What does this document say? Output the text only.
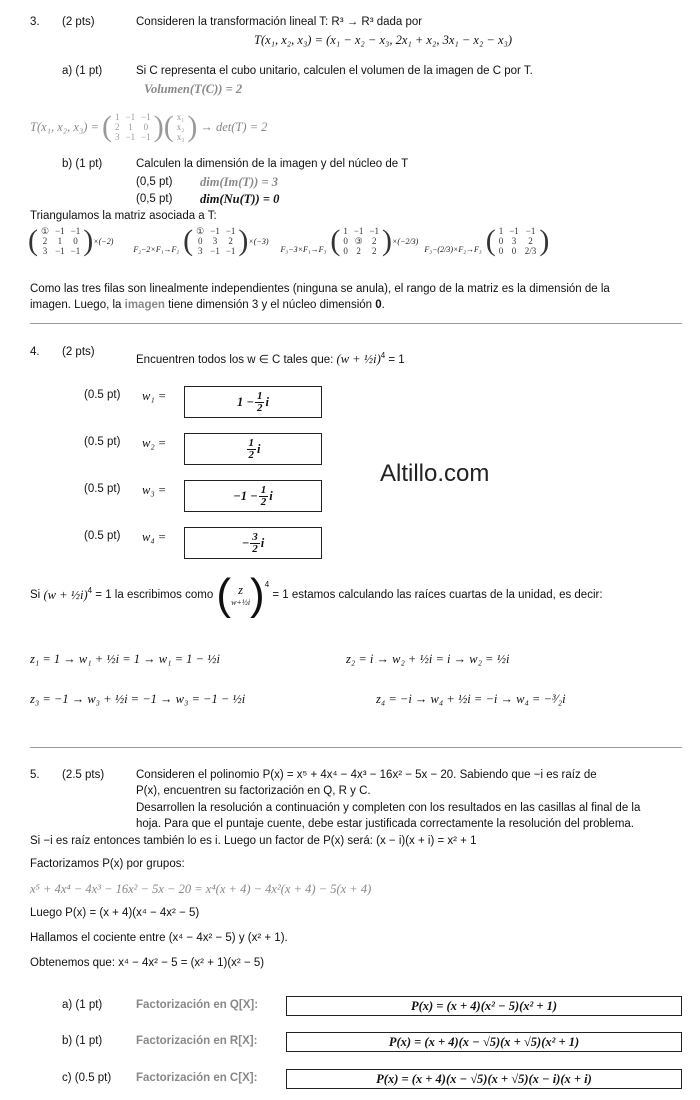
3. (2 pts)	Consideren la transformación lineal T: R³ → R³ dada por
T(x₁, x₂, x₃) = (x₁ − x₂ − x₃, 2x₁ + x₂, 3x₁ − x₂ − x₃)
a) (1 pt)	Si C representa el cubo unitario, calculen el volumen de la imagen de C por T.
Volumen(T(C)) = 2
T(x₁, x₂, x₃) = ( 1	−1	−1
2	1	0
3	−1	−1 ) ( x₁
x₂
x₃ ) → det(T) = 2
b) (1 pt)	Calculen la dimensión de la imagen y del núcleo de T
(0,5 pt) dim(Im(T)) = 3
(0,5 pt) dim(Nu(T)) = 0
Triangulamos la matriz asociada a T:
( ①	−1	−1
2	1	0
3	−1	−1 ) ×(−2)
F₂−2×F₁→F₂ ( ①	−1	−1
0	3	2
3	−1	−1 ) ×(−3)
F₃−3×F₁→F₃ ( 1	−1	−1
0	③	2
0	2	2 ) ×(−2/3)
F₃−(2/3)×F₂→F₃ ( 1	−1	−1
0	3	2
0	0	2/3 )
Como las tres filas son linealmente independientes (ninguna se anula), el rango de la matriz es la dimensión de la
imagen. Luego, la imagen tiene dimensión 3 y el núcleo dimensión 0.
4. (2 pts)
Encuentren todos los w ∈ C tales que: (w + ½i)$^4$ = 1
(0.5 pt) w₁ =	$1 - \frac{1}{2}$ i
(0.5 pt) w₂ =	$\frac{1}{2}$ i
(0.5 pt) w₃ =	$-1 - \frac{1}{2}$ i
(0.5 pt) w₄ =	− $\frac{3}{2}$ i
Altillo.com
Si
(w + ½i)$^4$
= 1 la escribimos como
( z
w+½i )$^4$

= 1 estamos calculando las raíces cuartas de la unidad, es decir:
z₁ = 1 → w₁ + ½i = 1 → w₁ = 1 − ½i	z₂ = i → w₂ + ½i = i → w₂ = ½i
z₃ = −1 → w₃ + ½i = −1 → w₃ = −1 − ½i	z₄ = −i → w₄ + ½i = −i → w₄ = −³⁄₂i
5. (2.5 pts)	Consideren el polinomio P(x) = x⁵ + 4x⁴ − 4x³ − 16x² − 5x − 20. Sabiendo que −i es raíz de
P(x), encuentren su factorización en Q, R y C.
Desarrollen la resolución a continuación y completen con los resultados en las casillas al final de la
hoja. Para que el puntaje cuente, debe estar justificada correctamente la resolución del problema.
Si −i es raíz entonces también lo es i. Luego un factor de P(x) será: (x − i)(x + i) = x² + 1
Factorizamos P(x) por grupos:
x⁵ + 4x⁴ − 4x³ − 16x² − 5x − 20 = x⁴(x + 4) − 4x²(x + 4) − 5(x + 4)
Luego P(x) = (x + 4)(x⁴ − 4x² − 5)
Hallamos el cociente entre (x⁴ − 4x² − 5) y (x² + 1).
Obtenemos que: x⁴ − 4x² − 5 = (x² + 1)(x² − 5)
a) (1 pt)	Factorización en Q[X]:	P(x) = (x + 4)(x² − 5)(x² + 1)
b) (1 pt)	Factorización en R[X]:	P(x) = (x + 4)(x − √5)(x + √5)(x² + 1)
c) (0.5 pt) Factorización en C[X]:	P(x) = (x + 4)(x − √5)(x + √5)(x − i)(x + i)
